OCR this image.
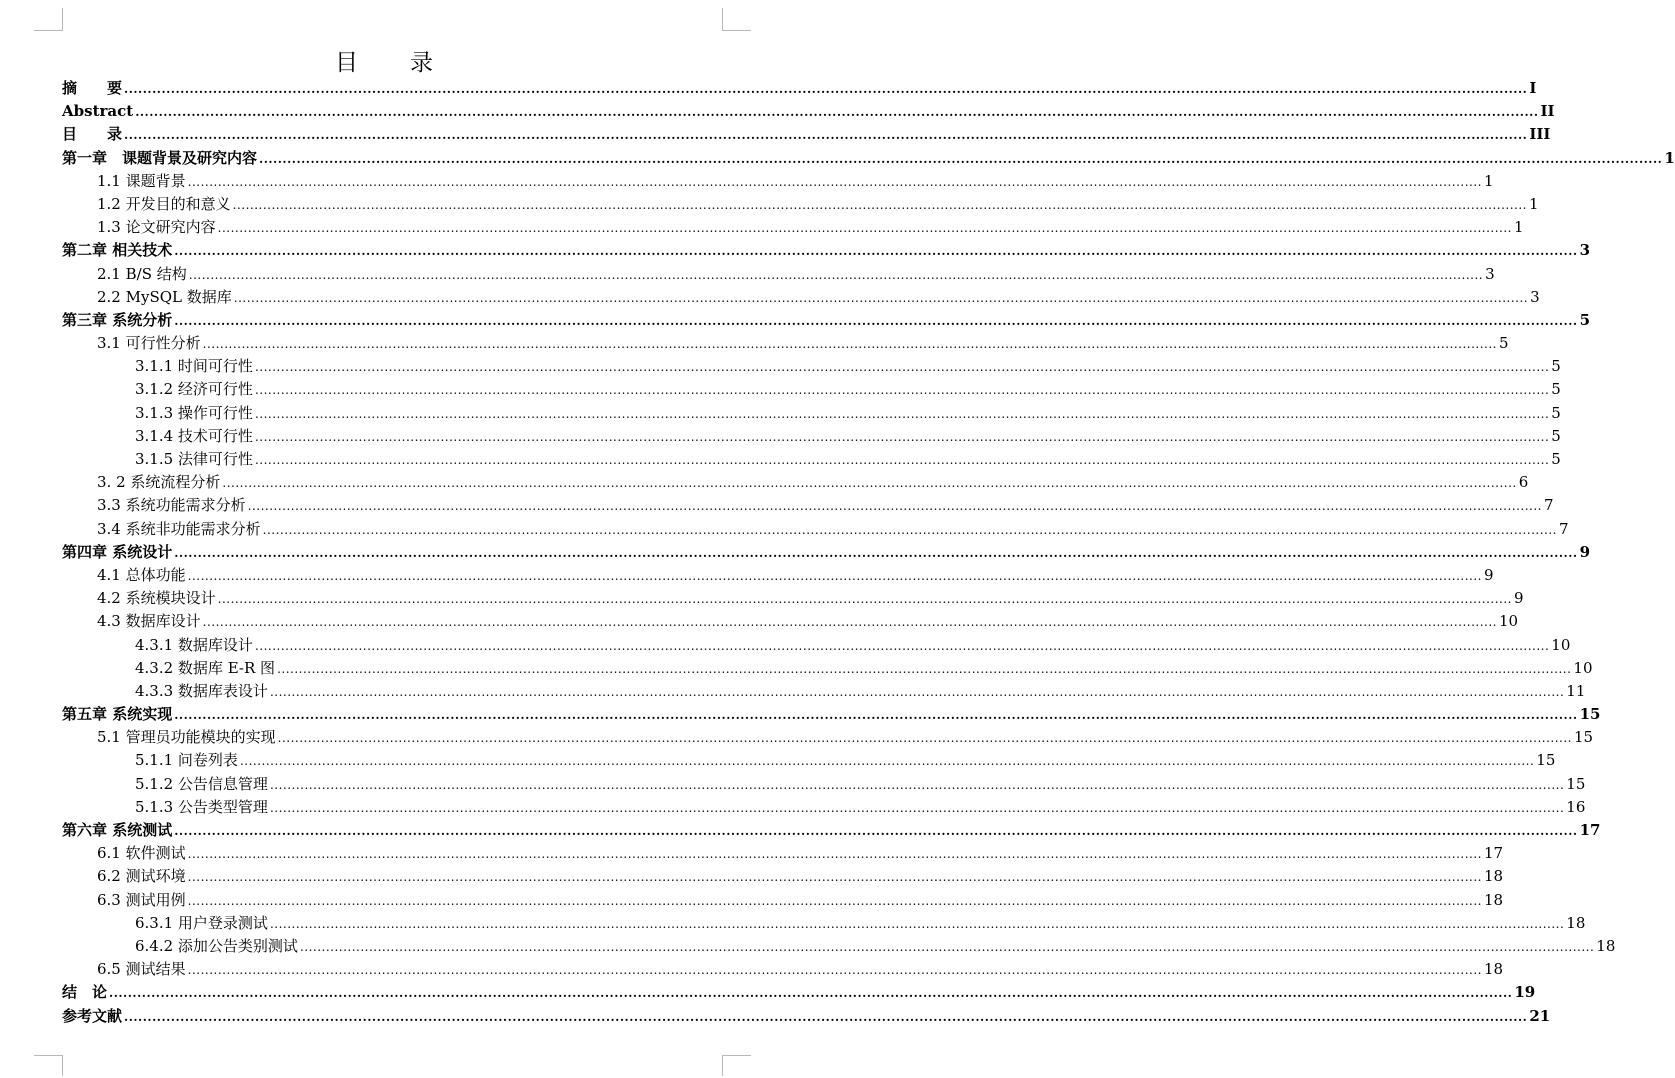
目　　录
摘　　要 ............................................................................................................................................................................................................................................................................................................ I
Abstract ............................................................................................................................................................................................................................................................................................................ II
目　　录 ............................................................................................................................................................................................................................................................................................................ III
第一章　课题背景及研究内容 ............................................................................................................................................................................................................................................................................................................ 1
1.1 课题背景 ............................................................................................................................................................................................................................................................................................................ 1
1.2 开发目的和意义 ............................................................................................................................................................................................................................................................................................................ 1
1.3 论文研究内容 ............................................................................................................................................................................................................................................................................................................ 1
第二章 相关技术 ............................................................................................................................................................................................................................................................................................................ 3
2.1 B/S 结构 ............................................................................................................................................................................................................................................................................................................ 3
2.2 MySQL 数据库 ............................................................................................................................................................................................................................................................................................................ 3
第三章 系统分析 ............................................................................................................................................................................................................................................................................................................ 5
3.1 可行性分析 ............................................................................................................................................................................................................................................................................................................ 5
3.1.1 时间可行性 ............................................................................................................................................................................................................................................................................................................ 5
3.1.2 经济可行性 ............................................................................................................................................................................................................................................................................................................ 5
3.1.3 操作可行性 ............................................................................................................................................................................................................................................................................................................ 5
3.1.4 技术可行性 ............................................................................................................................................................................................................................................................................................................ 5
3.1.5 法律可行性 ............................................................................................................................................................................................................................................................................................................ 5
3. 2 系统流程分析 ............................................................................................................................................................................................................................................................................................................ 6
3.3 系统功能需求分析 ............................................................................................................................................................................................................................................................................................................ 7
3.4 系统非功能需求分析 ............................................................................................................................................................................................................................................................................................................ 7
第四章 系统设计 ............................................................................................................................................................................................................................................................................................................ 9
4.1 总体功能 ............................................................................................................................................................................................................................................................................................................ 9
4.2 系统模块设计 ............................................................................................................................................................................................................................................................................................................ 9
4.3 数据库设计 ............................................................................................................................................................................................................................................................................................................ 10
4.3.1 数据库设计 ............................................................................................................................................................................................................................................................................................................ 10
4.3.2 数据库 E-R 图 ............................................................................................................................................................................................................................................................................................................ 10
4.3.3 数据库表设计 ............................................................................................................................................................................................................................................................................................................ 11
第五章 系统实现 ............................................................................................................................................................................................................................................................................................................ 15
5.1 管理员功能模块的实现 ............................................................................................................................................................................................................................................................................................................ 15
5.1.1 问卷列表 ............................................................................................................................................................................................................................................................................................................ 15
5.1.2 公告信息管理 ............................................................................................................................................................................................................................................................................................................ 15
5.1.3 公告类型管理 ............................................................................................................................................................................................................................................................................................................ 16
第六章 系统测试 ............................................................................................................................................................................................................................................................................................................ 17
6.1 软件测试 ............................................................................................................................................................................................................................................................................................................ 17
6.2 测试环境 ............................................................................................................................................................................................................................................................................................................ 18
6.3 测试用例 ............................................................................................................................................................................................................................................................................................................ 18
6.3.1 用户登录测试 ............................................................................................................................................................................................................................................................................................................ 18
6.4.2 添加公告类别测试 ............................................................................................................................................................................................................................................................................................................ 18
6.5 测试结果 ............................................................................................................................................................................................................................................................................................................ 18
结　论 ............................................................................................................................................................................................................................................................................................................ 19
参考文献 ............................................................................................................................................................................................................................................................................................................ 21
